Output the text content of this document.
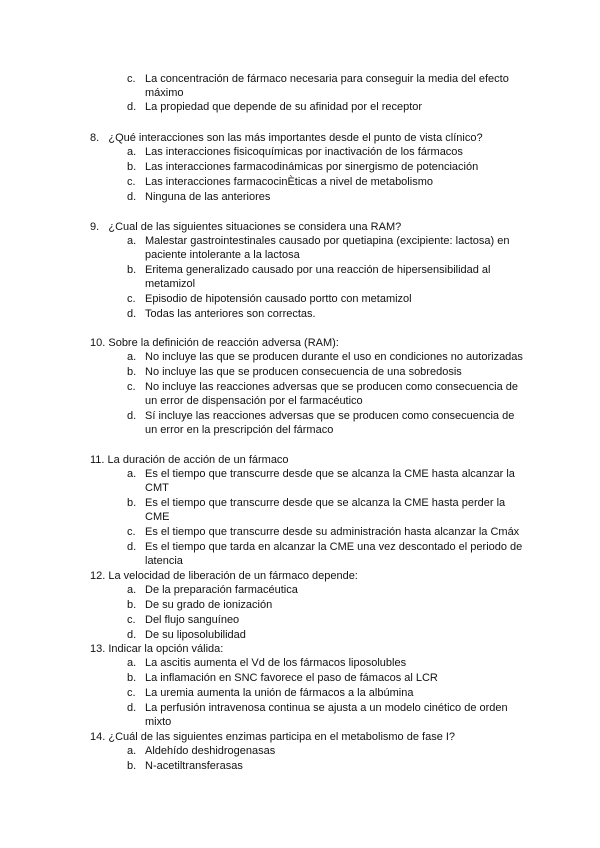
c. La concentración de fármaco necesaria para conseguir la media del efecto
máximo
d. La propiedad que depende de su afinidad por el receptor
8. ¿Qué interacciones son las más importantes desde el punto de vista clínico?
a. Las interacciones fisicoquímicas por inactivación de los fármacos
b. Las interacciones farmacodinámicas por sinergismo de potenciación
c. Las interacciones farmacocinÈticas a nivel de metabolismo
d. Ninguna de las anteriores
9. ¿Cual de las siguientes situaciones se considera una RAM?
a. Malestar gastrointestinales causado por quetiapina (excipiente: lactosa) en
paciente intolerante a la lactosa
b. Eritema generalizado causado por una reacción de hipersensibilidad al
metamizol
c. Episodio de hipotensión causado portto con metamizol
d. Todas las anteriores son correctas.
10. Sobre la definición de reacción adversa (RAM):
a. No incluye las que se producen durante el uso en condiciones no autorizadas
b. No incluye las que se producen consecuencia de una sobredosis
c. No incluye las reacciones adversas que se producen como consecuencia de
un error de dispensación por el farmacéutico
d. Sí incluye las reacciones adversas que se producen como consecuencia de
un error en la prescripción del fármaco
11. La duración de acción de un fármaco
a. Es el tiempo que transcurre desde que se alcanza la CME hasta alcanzar la
CMT
b. Es el tiempo que transcurre desde que se alcanza la CME hasta perder la
CME
c. Es el tiempo que transcurre desde su administración hasta alcanzar la Cmáx
d. Es el tiempo que tarda en alcanzar la CME una vez descontado el periodo de
latencia
12. La velocidad de liberación de un fármaco depende:
a. De la preparación farmacéutica
b. De su grado de ionización
c. Del flujo sanguíneo
d. De su liposolubilidad
13. Indicar la opción válida:
a. La ascitis aumenta el Vd de los fármacos liposolubles
b. La inflamación en SNC favorece el paso de fámacos al LCR
c. La uremia aumenta la unión de fármacos a la albúmina
d. La perfusión intravenosa continua se ajusta a un modelo cinético de orden
mixto
14. ¿Cuál de las siguientes enzimas participa en el metabolismo de fase I?
a. Aldehído deshidrogenasas
b. N-acetiltransferasas
